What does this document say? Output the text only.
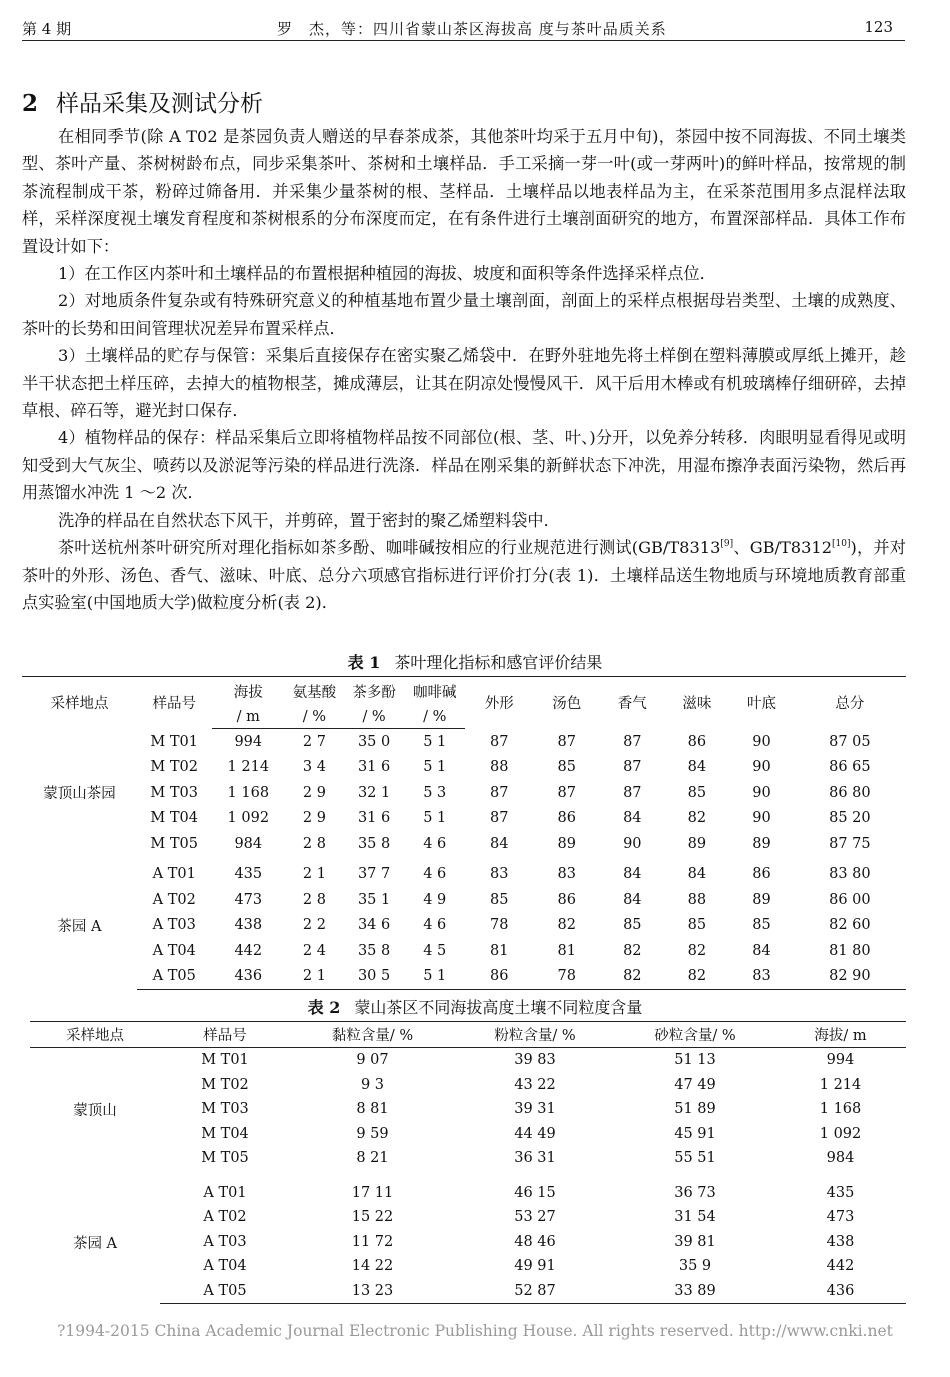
第 4 期	罗　杰，等：四川省蒙山茶区海拔高 度与茶叶品质关系	123
2 样品采集及测试分析

在相同季节(除 A T02 是茶园负责人赠送的早春茶成茶，其他茶叶均采于五月中旬)，茶园中按不同海拔、不同土壤类型、茶叶产量、茶树树龄布点，同步采集茶叶、茶树和土壤样品．手工采摘一芽一叶(或一芽两叶)的鲜叶样品，按常规的制茶流程制成干茶，粉碎过筛备用．并采集少量茶树的根、茎样品．土壤样品以地表样品为主，在采茶范围用多点混样法取样，采样深度视土壤发育程度和茶树根系的分布深度而定，在有条件进行土壤剖面研究的地方，布置深部样品．具体工作布置设计如下：

1）在工作区内茶叶和土壤样品的布置根据种植园的海拔、坡度和面积等条件选择采样点位．

2）对地质条件复杂或有特殊研究意义的种植基地布置少量土壤剖面，剖面上的采样点根据母岩类型、土壤的成熟度、茶叶的长势和田间管理状况差异布置采样点．

3）土壤样品的贮存与保管：采集后直接保存在密实聚乙烯袋中．在野外驻地先将土样倒在塑料薄膜或厚纸上摊开，趁半干状态把土样压碎，去掉大的植物根茎，摊成薄层，让其在阴凉处慢慢风干．风干后用木棒或有机玻璃棒仔细研碎，去掉草根、碎石等，避光封口保存．

4）植物样品的保存：样品采集后立即将植物样品按不同部位(根、茎、叶、)分开，以免养分转移．肉眼明显看得见或明知受到大气灰尘、喷药以及淤泥等污染的样品进行洗涤．样品在刚采集的新鲜状态下冲洗，用湿布擦净表面污染物，然后再用蒸馏水冲洗 1 ～2 次．

洗净的样品在自然状态下风干，并剪碎，置于密封的聚乙烯塑料袋中．

茶叶送杭州茶叶研究所对理化指标如茶多酚、咖啡碱按相应的行业规范进行测试(GB/T8313[9]、GB/T8312[10])，并对茶叶的外形、汤色、香气、滋味、叶底、总分六项感官指标进行评价打分(表 1)．土壤样品送生物地质与环境地质教育部重点实验室(中国地质大学)做粒度分析(表 2)．

表 1 茶叶理化指标和感官评价结果
采样地点	样品号	海拔	氨基酸	茶多酚	咖啡碱	外形	汤色	香气	滋味	叶底	总分
		/ m	/ %	/ %	/ %						
蒙顶山茶园	M T01	994	2 7	35 0	5 1	87	87	87	86	90	87 05
	M T02	1 214	3 4	31 6	5 1	88	85	87	84	90	86 65
	M T03	1 168	2 9	32 1	5 3	87	87	87	85	90	86 80
	M T04	1 092	2 9	31 6	5 1	87	86	84	82	90	85 20
	M T05	984	2 8	35 8	4 6	84	89	90	89	89	87 75

茶园 A	A T01	435	2 1	37 7	4 6	83	83	84	84	86	83 80
	A T02	473	2 8	35 1	4 9	85	86	84	88	89	86 00
	A T03	438	2 2	34 6	4 6	78	82	85	85	85	82 60
	A T04	442	2 4	35 8	4 5	81	81	82	82	84	81 80
	A T05	436	2 1	30 5	5 1	86	78	82	82	83	82 90
表 2 蒙山茶区不同海拔高度土壤不同粒度含量
采样地点	样品号	黏粒含量/ %	粉粒含量/ %	砂粒含量/ %	海拔/ m
蒙顶山	M T01	9 07	39 83	51 13	994
	M T02	9 3	43 22	47 49	1 214
	M T03	8 81	39 31	51 89	1 168
	M T04	9 59	44 49	45 91	1 092
	M T05	8 21	36 31	55 51	984

茶园 A	A T01	17 11	46 15	36 73	435
	A T02	15 22	53 27	31 54	473
	A T03	11 72	48 46	39 81	438
	A T04	14 22	49 91	35 9	442
	A T05	13 23	52 87	33 89	436
?1994-2015 China Academic Journal Electronic Publishing House. All rights reserved. http://www.cnki.net
